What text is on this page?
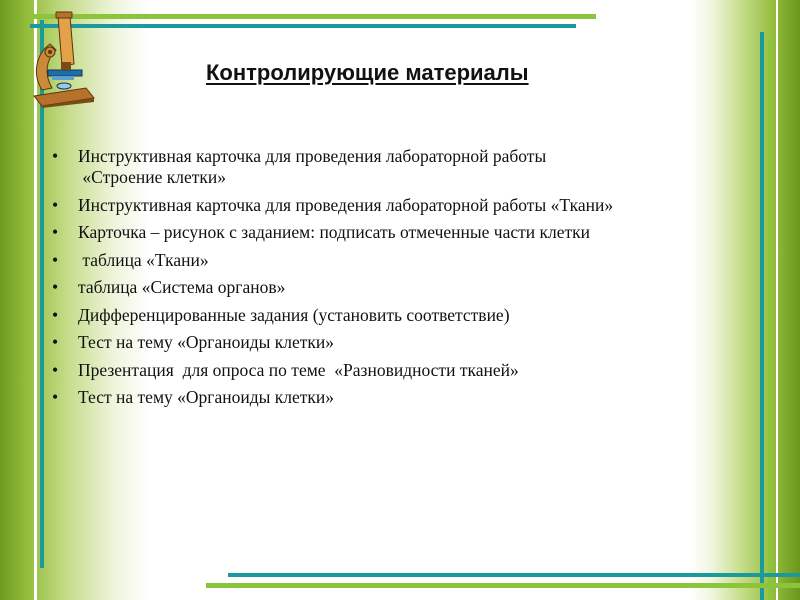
Контролирующие материалы
• Инструктивная карточка для проведения лабораторной работы
«Строение клетки»
• Инструктивная карточка для проведения лабораторной работы «Ткани»
• Карточка – рисунок с заданием: подписать отмеченные части клетки
•  таблица «Ткани»
• таблица «Система органов»
• Дифференцированные задания (установить соответствие)
• Тест на тему «Органоиды клетки»
• Презентация  для опроса по теме  «Разновидности тканей»
• Тест на тему «Органоиды клетки»
